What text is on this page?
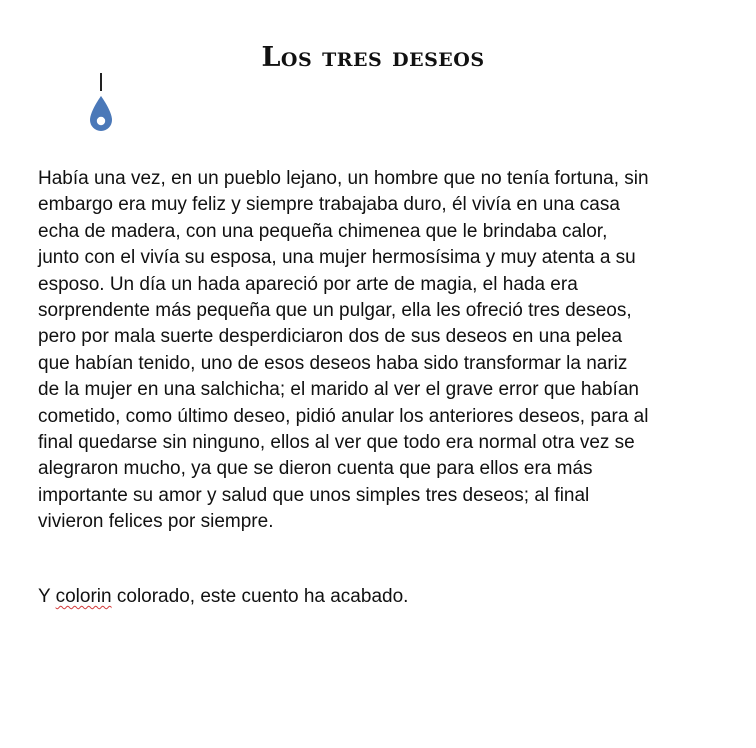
Los tres deseos
Había una vez, en un pueblo lejano, un hombre que no tenía fortuna, sin
embargo era muy feliz y siempre trabajaba duro, él vivía en una casa
echa de madera, con una pequeña chimenea que le brindaba calor,
junto con el vivía su esposa, una mujer hermosísima y muy atenta a su
esposo. Un día un hada apareció por arte de magia, el hada era
sorprendente más pequeña que un pulgar, ella les ofreció tres deseos,
pero por mala suerte desperdiciaron dos de sus deseos en una pelea
que habían tenido, uno de esos deseos haba sido transformar la nariz
de la mujer en una salchicha; el marido al ver el grave error que habían
cometido, como último deseo, pidió anular los anteriores deseos, para al
final quedarse sin ninguno, ellos al ver que todo era normal otra vez se
alegraron mucho, ya que se dieron cuenta que para ellos era más
importante su amor y salud que unos simples tres deseos; al final
vivieron felices por siempre.

Y colorin colorado, este cuento ha acabado.
